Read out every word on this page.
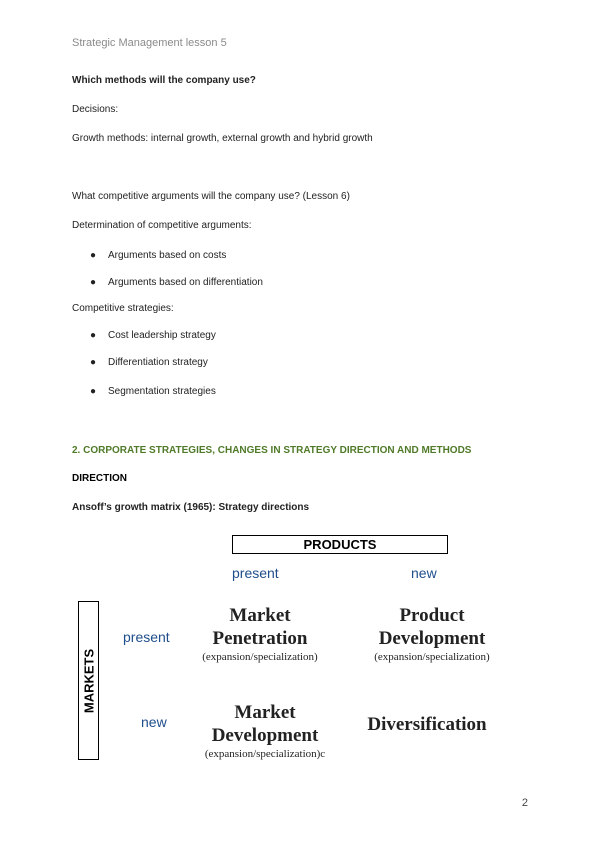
Strategic Management lesson 5
Which methods will the company use?
Decisions:
Growth methods: internal growth, external growth and hybrid growth
What competitive arguments will the company use? (Lesson 6)
Determination of competitive arguments:
● Arguments based on costs
● Arguments based on differentiation
Competitive strategies:
● Cost leadership strategy
● Differentiation strategy
● Segmentation strategies
2. CORPORATE STRATEGIES, CHANGES IN STRATEGY DIRECTION AND METHODS
DIRECTION
Ansoff’s growth matrix (1965): Strategy directions
PRODUCTS
present	new
MARKETS
present
new
Market
Penetration
(expansion/specialization)
Product
Development
(expansion/specialization)
Market
Development
(expansion/specialization)c
Diversification
2
